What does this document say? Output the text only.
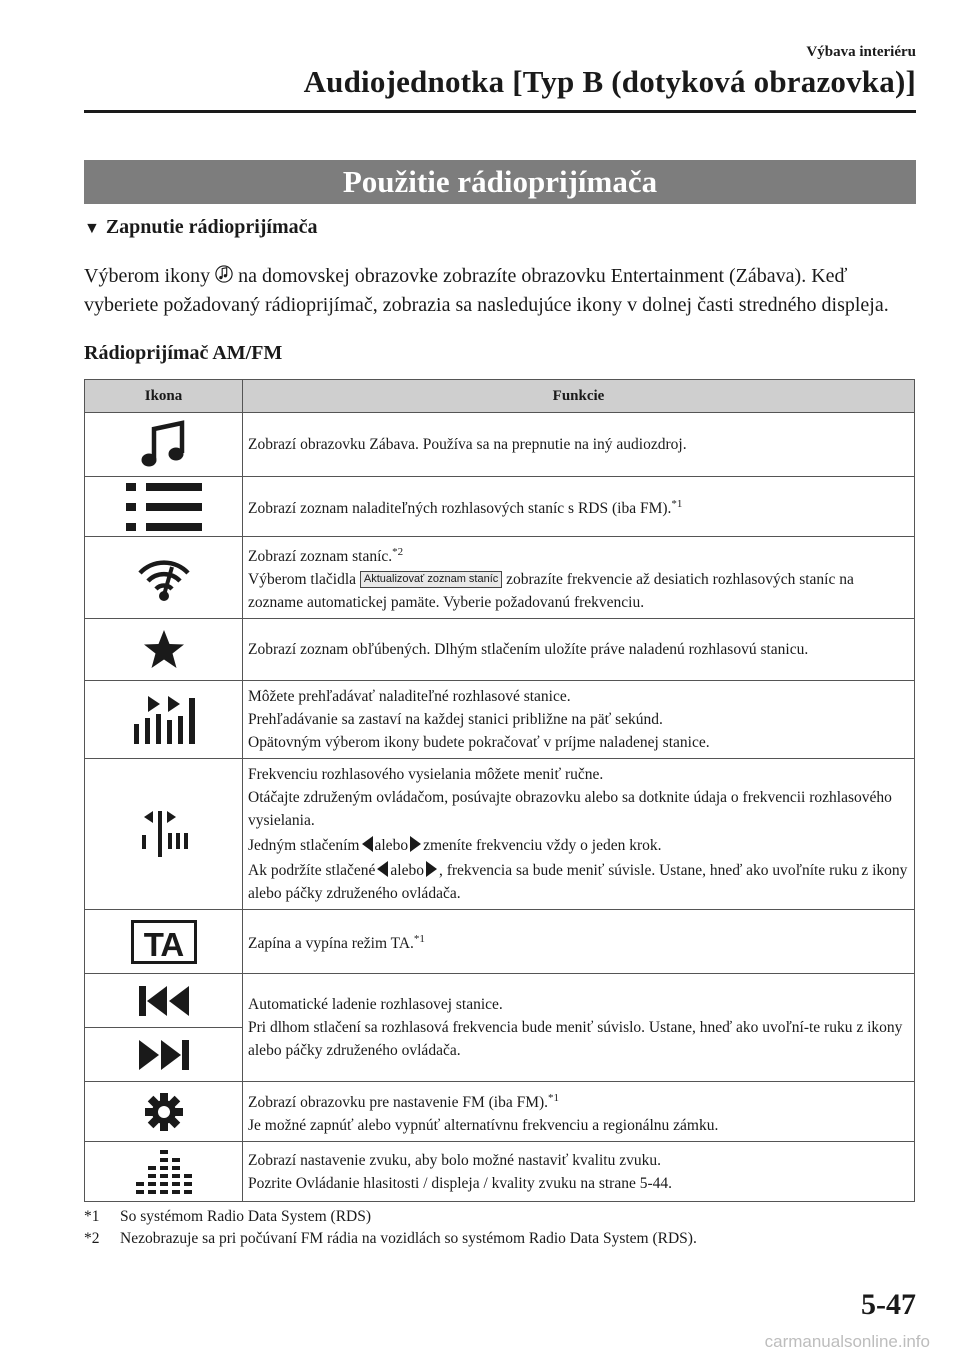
Výbava interiéru
Audiojednotka [Typ B (dotyková obrazovka)]
Použitie rádioprijímača
▼ Zapnutie rádioprijímača
Výberom ikony na domovskej obrazovke zobrazíte obrazovku Entertainment (Zábava). Keď vyberiete požadovaný rádioprijímač, zobrazia sa nasledujúce ikony v dolnej časti stredného displeja.
Rádioprijímač AM/FM
Ikona	Funkcie

	Zobrazí obrazovku Zábava. Používa sa na prepnutie na iný audiozdroj.

	Zobrazí zoznam naladiteľných rozhlasových staníc s RDS (iba FM).$^{*1}$

Zobrazí zoznam staníc.$^{*2}$
Výberom tlačidla Aktualizovať zoznam staníc zobrazíte frekvencie až desiatich rozhlasových staníc na zozname automatickej pamäte. Vyberie požadovanú frekvenciu.

	Zobrazí zoznam obľúbených. Dlhým stlačením uložíte práve naladenú rozhlasovú stanicu.

Môžete prehľadávať naladiteľné rozhlasové stanice.
Prehľadávanie sa zastaví na každej stanici približne na päť sekúnd.
Opätovným výberom ikony budete pokračovať v príjme naladenej stanice.

Frekvenciu rozhlasového vysielania môžete meniť ručne.
Otáčajte združeným ovládačom, posúvajte obrazovku alebo sa dotknite údaja o frekvencii rozhlasového vysielania.
Jedným stlačením alebo zmeníte frekvenciu vždy o jeden krok.
Ak podržíte stlačené alebo , frekvencia sa bude meniť súvisle. Ustane, hneď ako uvoľníte ruku z ikony alebo páčky združeného ovládača.

TA	Zapína a vypína režim TA.$^{*1}$

Automatické ladenie rozhlasovej stanice.
Pri dlhom stlačení sa rozhlasová frekvencia bude meniť súvislo. Ustane, hneď ako uvoľní-te ruku z ikony alebo páčky združeného ovládača.

Zobrazí obrazovku pre nastavenie FM (iba FM).$^{*1}$
Je možné zapnúť alebo vypnúť alternatívnu frekvenciu a regionálnu zámku.

Zobrazí nastavenie zvuku, aby bolo možné nastaviť kvalitu zvuku.
Pozrite Ovládanie hlasitosti / displeja / kvality zvuku na strane 5-44.
*1	So systémom Radio Data System (RDS)
*2	Nezobrazuje sa pri počúvaní FM rádia na vozidlách so systémom Radio Data System (RDS).
5-47
carmanualsonline.info
